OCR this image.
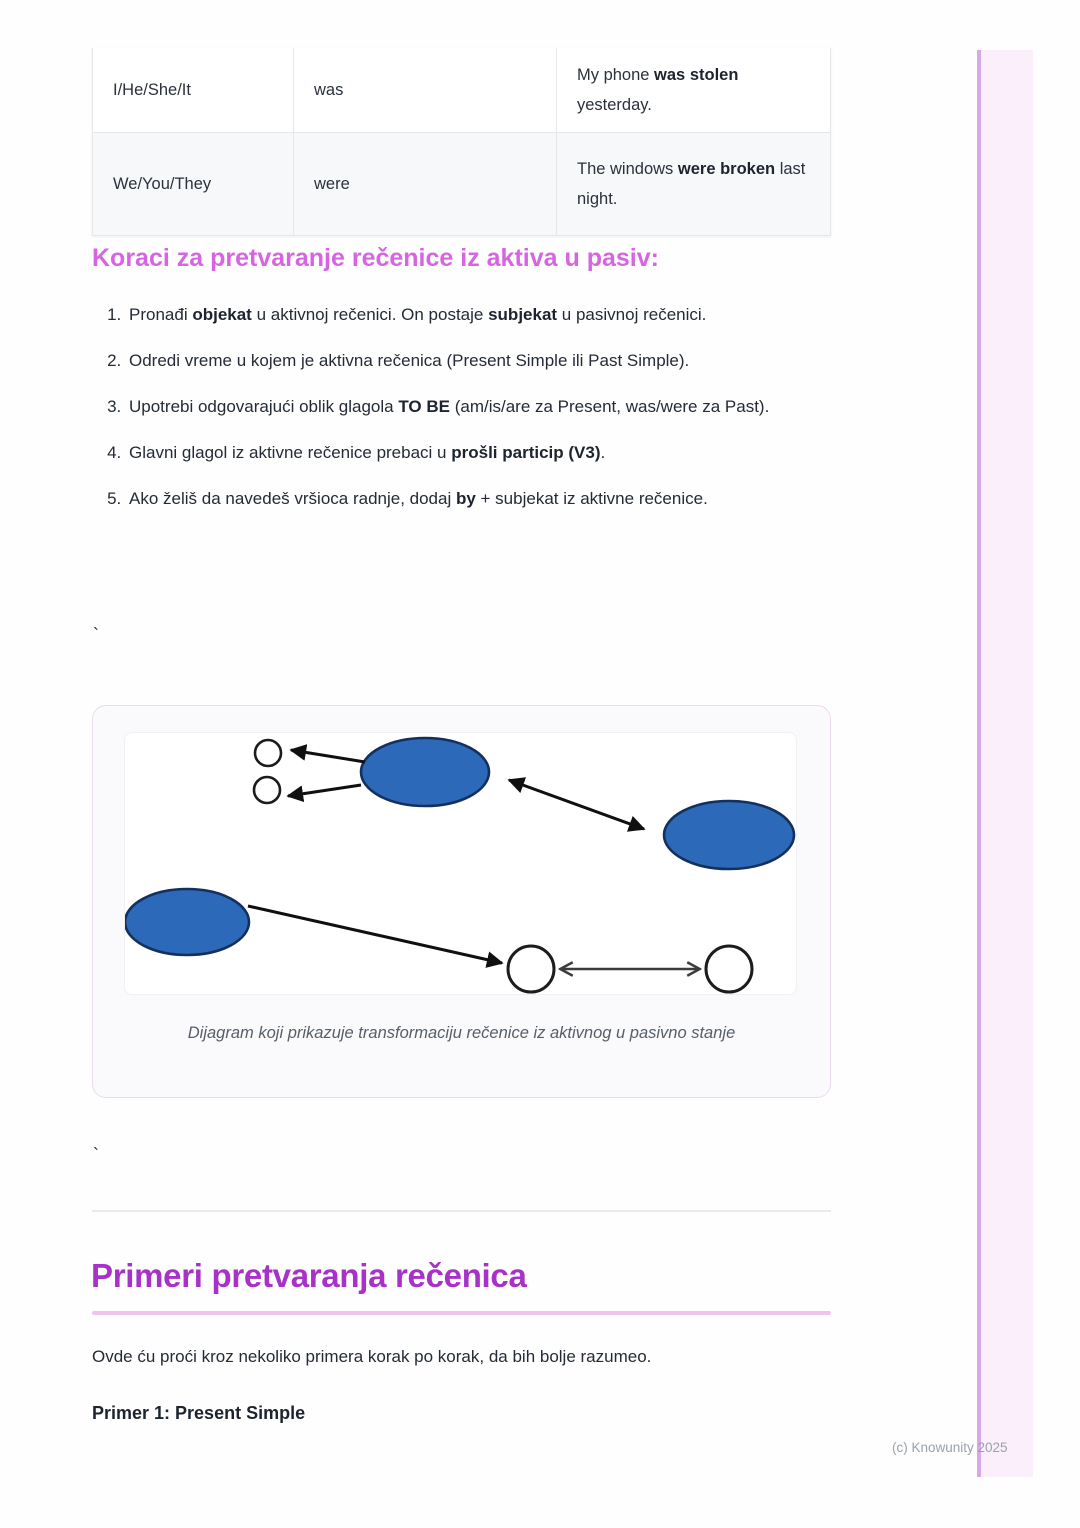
I/He/She/It	was	My phone was stolen yesterday.
We/You/They	were	The windows were broken last night.
Koraci za pretvaranje rečenice iz aktiva u pasiv:
1. Pronađi objekat u aktivnoj rečenici. On postaje subjekat u pasivnoj rečenici.
2. Odredi vreme u kojem je aktivna rečenica (Present Simple ili Past Simple).
3. Upotrebi odgovarajući oblik glagola TO BE (am/is/are za Present, was/were za Past).
4. Glavni glagol iz aktivne rečenice prebaci u prošli particip (V3).
5. Ako želiš da navedeš vršioca radnje, dodaj by + subjekat iz aktivne rečenice.
`
Dijagram koji prikazuje transformaciju rečenice iz aktivnog u pasivno stanje
`
Primeri pretvaranja rečenica

Ovde ću proći kroz nekoliko primera korak po korak, da bih bolje razumeo.

Primer 1: Present Simple

(c) Knowunity 2025
